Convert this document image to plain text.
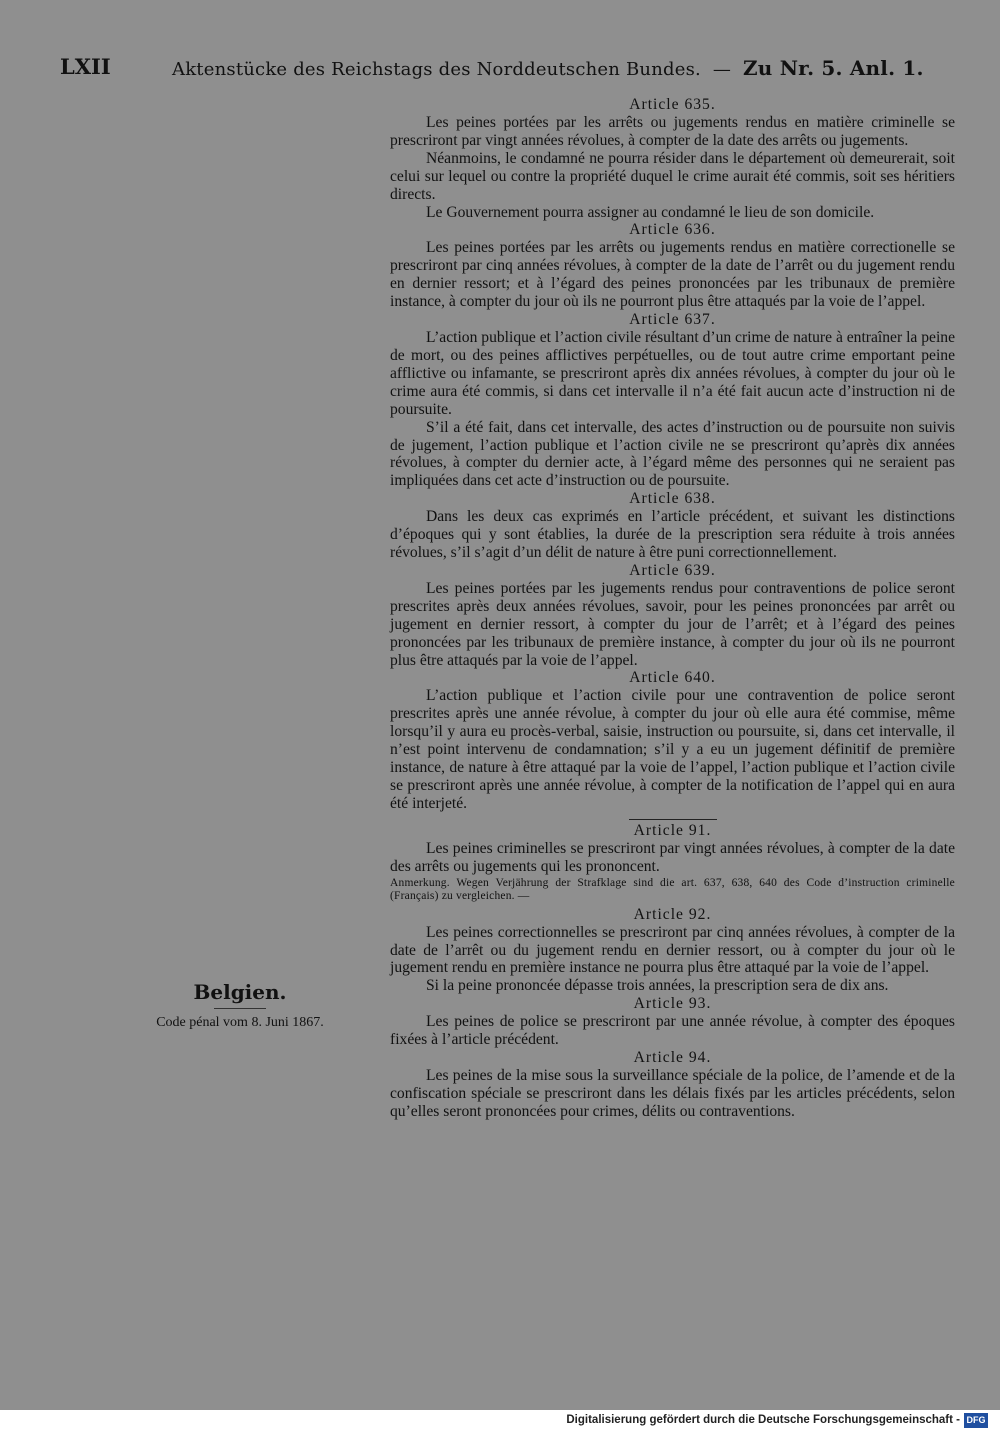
LXII	Aktenstücke des Reichstags des Norddeutschen Bundes. — Zu Nr. 5. Anl. 1.
Article 635.

Les peines portées par les arrêts ou jugements rendus en matière criminelle se prescriront par vingt années révolues, à compter de la date des arrêts ou jugements.

Néanmoins, le condamné ne pourra résider dans le département où demeurerait, soit celui sur lequel ou contre la propriété duquel le crime aurait été commis, soit ses héritiers directs.

Le Gouvernement pourra assigner au condamné le lieu de son domicile.

Article 636.

Les peines portées par les arrêts ou jugements rendus en matière correctionelle se prescriront par cinq années révolues, à compter de la date de l’arrêt ou du jugement rendu en dernier ressort; et à l’égard des peines prononcées par les tribunaux de première instance, à compter du jour où ils ne pourront plus être attaqués par la voie de l’appel.

Article 637.

L’action publique et l’action civile résultant d’un crime de nature à entraîner la peine de mort, ou des peines afflictives perpétuelles, ou de tout autre crime emportant peine afflictive ou infamante, se prescriront après dix années révolues, à compter du jour où le crime aura été commis, si dans cet intervalle il n’a été fait aucun acte d’instruction ni de poursuite.

S’il a été fait, dans cet intervalle, des actes d’instruction ou de poursuite non suivis de jugement, l’action publique et l’action civile ne se prescriront qu’après dix années révolues, à compter du dernier acte, à l’égard même des personnes qui ne seraient pas impliquées dans cet acte d’instruction ou de poursuite.

Article 638.

Dans les deux cas exprimés en l’article précédent, et suivant les distinctions d’époques qui y sont établies, la durée de la prescription sera réduite à trois années révolues, s’il s’agit d’un délit de nature à être puni correctionnellement.

Article 639.

Les peines portées par les jugements rendus pour contraventions de police seront prescrites après deux années révolues, savoir, pour les peines prononcées par arrêt ou jugement en dernier ressort, à compter du jour de l’arrêt; et à l’égard des peines prononcées par les tribunaux de première instance, à compter du jour où ils ne pourront plus être attaqués par la voie de l’appel.

Article 640.

L’action publique et l’action civile pour une contravention de police seront prescrites après une année révolue, à compter du jour où elle aura été commise, même lorsqu’il y aura eu procès-verbal, saisie, instruction ou poursuite, si, dans cet intervalle, il n’est point intervenu de condamnation; s’il y a eu un jugement définitif de première instance, de nature à être attaqué par la voie de l’appel, l’action publique et l’action civile se prescriront après une année révolue, à compter de la notification de l’appel qui en aura été interjeté.

Article 91.

Les peines criminelles se prescriront par vingt années révolues, à compter de la date des arrêts ou jugements qui les prononcent.

Anmerkung. Wegen Verjährung der Strafklage sind die art. 637, 638, 640 des Code d’instruction criminelle (Français) zu vergleichen. —

Article 92.

Les peines correctionnelles se prescriront par cinq années révolues, à compter de la date de l’arrêt ou du jugement rendu en dernier ressort, ou à compter du jour où le jugement rendu en première instance ne pourra plus être attaqué par la voie de l’appel.

Si la peine prononcée dépasse trois années, la prescription sera de dix ans.

Article 93.

Les peines de police se prescriront par une année révolue, à compter des époques fixées à l’article précédent.

Article 94.

Les peines de la mise sous la surveillance spéciale de la police, de l’amende et de la confiscation spéciale se prescriront dans les délais fixés par les articles précédents, selon qu’elles seront prononcées pour crimes, délits ou contraventions.

Belgien.
Code pénal vom 8. Juni 1867.
Digitalisierung gefördert durch die Deutsche Forschungsgemeinschaft - DFG
